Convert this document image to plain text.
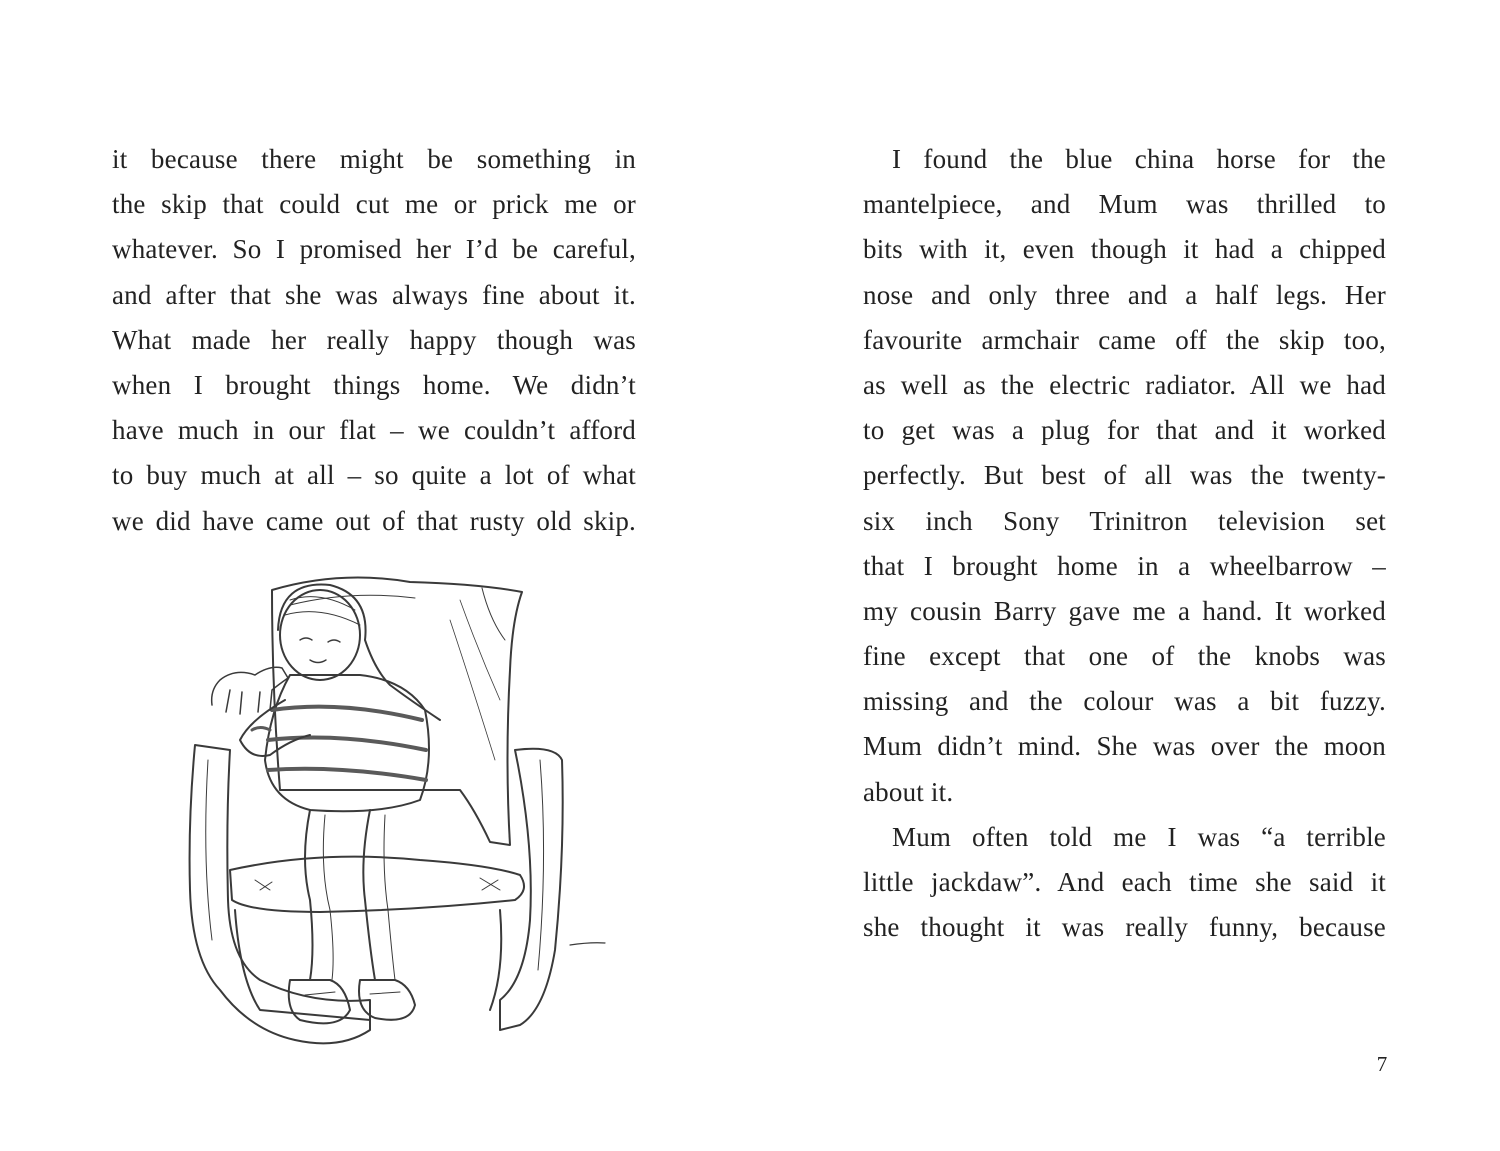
it because there might be something in
the skip that could cut me or prick me or
whatever. So I promised her I’d be careful,
and after that she was always fine about it.
What made her really happy though was
when I brought things home. We didn’t
have much in our flat – we couldn’t afford
to buy much at all – so quite a lot of what
we did have came out of that rusty old skip.
I found the blue china horse for the
mantelpiece, and Mum was thrilled to
bits with it, even though it had a chipped
nose and only three and a half legs. Her
favourite armchair came off the skip too,
as well as the electric radiator. All we had
to get was a plug for that and it worked
perfectly. But best of all was the twenty-
six inch Sony Trinitron television set
that I brought home in a wheelbarrow –
my cousin Barry gave me a hand. It worked
fine except that one of the knobs was
missing and the colour was a bit fuzzy.
Mum didn’t mind. She was over the moon
about it.
Mum often told me I was “a terrible
little jackdaw”. And each time she said it
she thought it was really funny, because
7
